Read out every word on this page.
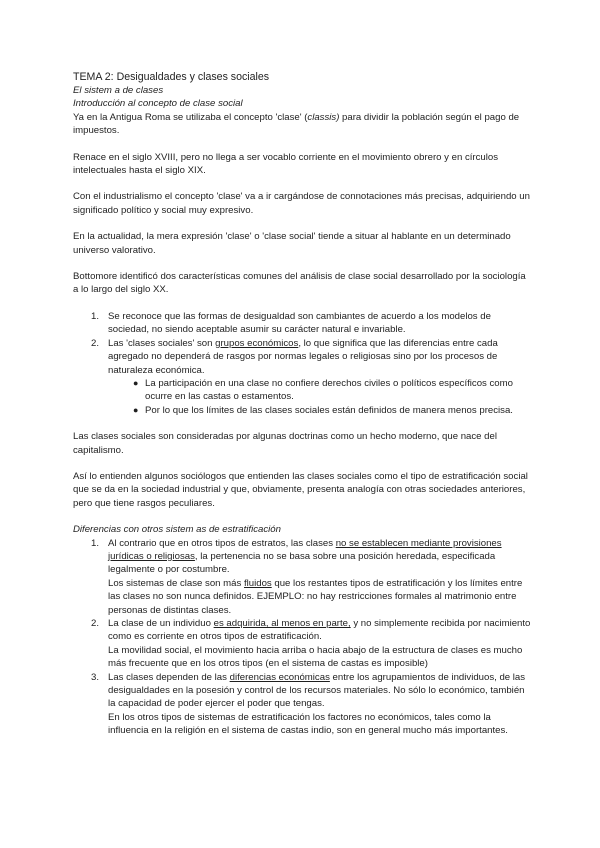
TEMA 2: Desigualdades y clases sociales

El sistem a de clases

Introducción al concepto de clase social

Ya en la Antigua Roma se utilizaba el concepto 'clase' (classis) para dividir la población según el pago de impuestos.

Renace en el siglo XVIII, pero no llega a ser vocablo corriente en el movimiento obrero y en círculos intelectuales hasta el siglo XIX.

Con el industrialismo el concepto 'clase' va a ir cargándose de connotaciones más precisas, adquiriendo un significado político y social muy expresivo.

En la actualidad, la mera expresión 'clase' o 'clase social' tiende a situar al hablante en un determinado universo valorativo.

Bottomore identificó dos características comunes del análisis de clase social desarrollado por la sociología a lo largo del siglo XX.

1. Se reconoce que las formas de desigualdad son cambiantes de acuerdo a los modelos de sociedad, no siendo aceptable asumir su carácter natural e invariable.
2. Las 'clases sociales' son grupos económicos, lo que significa que las diferencias entre cada agregado no dependerá de rasgos por normas legales o religiosas sino por los procesos de naturaleza económica.
● La participación en una clase no confiere derechos civiles o políticos específicos como ocurre en las castas o estamentos.
● Por lo que los límites de las clases sociales están definidos de manera menos precisa.

Las clases sociales son consideradas por algunas doctrinas como un hecho moderno, que nace del capitalismo.

Así lo entienden algunos sociólogos que entienden las clases sociales como el tipo de estratificación social que se da en la sociedad industrial y que, obviamente, presenta analogía con otras sociedades anteriores, pero que tiene rasgos peculiares.

Diferencias con otros sistem as de estratificación

1. Al contrario que en otros tipos de estratos, las clases no se establecen mediante provisiones jurídicas o religiosas, la pertenencia no se basa sobre una posición heredada, especificada legalmente o por costumbre.
Los sistemas de clase son más fluidos que los restantes tipos de estratificación y los límites entre las clases no son nunca definidos. EJEMPLO: no hay restricciones formales al matrimonio entre personas de distintas clases.
2. La clase de un individuo es adquirida, al menos en parte, y no simplemente recibida por nacimiento como es corriente en otros tipos de estratificación.
La movilidad social, el movimiento hacia arriba o hacia abajo de la estructura de clases es mucho más frecuente que en los otros tipos (en el sistema de castas es imposible)
3. Las clases dependen de las diferencias económicas entre los agrupamientos de individuos, de las desigualdades en la posesión y control de los recursos materiales. No sólo lo económico, también la capacidad de poder ejercer el poder que tengas.
En los otros tipos de sistemas de estratificación los factores no económicos, tales como la influencia en la religión en el sistema de castas indio, son en general mucho más importantes.
